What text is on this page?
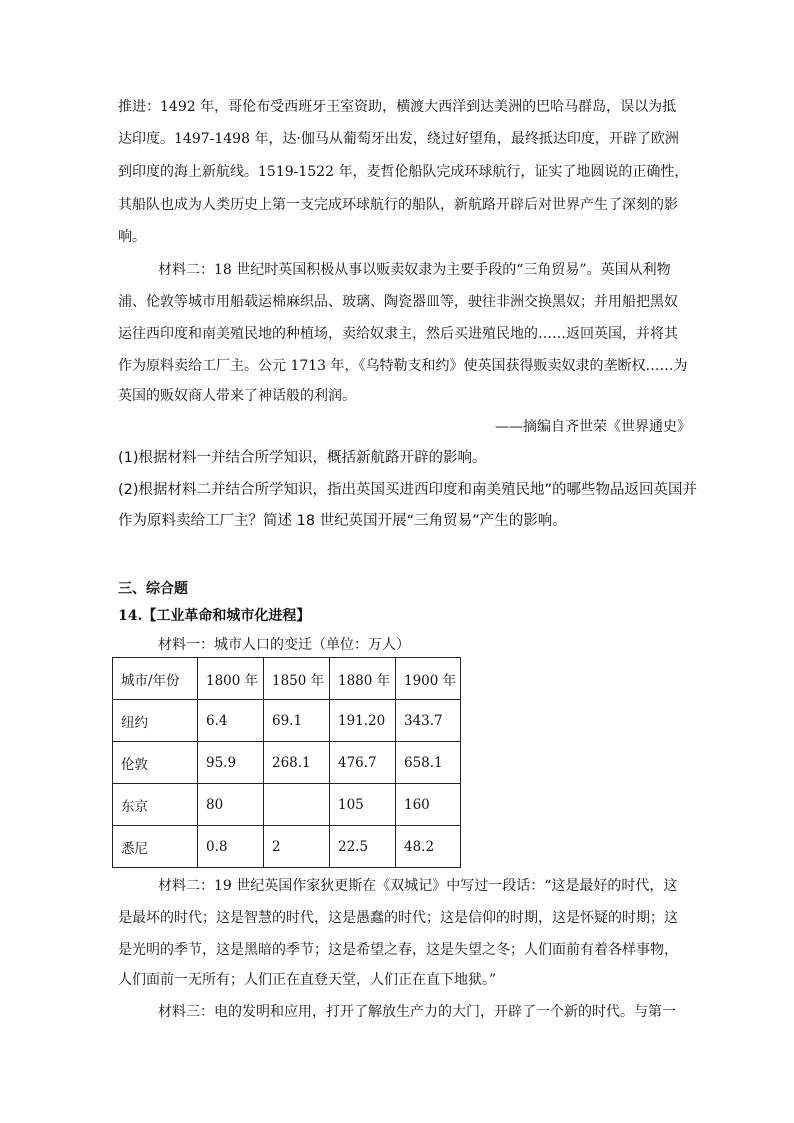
推进：1492 年，哥伦布受西班牙王室资助，横渡大西洋到达美洲的巴哈马群岛，误以为抵
达印度。1497-1498 年，达·伽马从葡萄牙出发，绕过好望角，最终抵达印度，开辟了欧洲
到印度的海上新航线。1519-1522 年，麦哲伦船队完成环球航行，证实了地圆说的正确性，
其船队也成为人类历史上第一支完成环球航行的船队，新航路开辟后对世界产生了深刻的影
响。
材料二：18 世纪时英国积极从事以贩卖奴隶为主要手段的“三角贸易”。英国从利物
浦、伦敦等城市用船载运棉麻织品、玻璃、陶瓷器皿等，驶往非洲交换黑奴；并用船把黑奴
运往西印度和南美殖民地的种植场，卖给奴隶主，然后买进殖民地的……返回英国，并将其
作为原料卖给工厂主。公元 1713 年，《乌特勒支和约》使英国获得贩卖奴隶的垄断权……为
英国的贩奴商人带来了神话般的利润。
——摘编自齐世荣《世界通史》
(1)根据材料一并结合所学知识，概括新航路开辟的影响。
(2)根据材料二并结合所学知识，指出英国买进西印度和南美殖民地”的哪些物品返回英国并
作为原料卖给工厂主？简述 18 世纪英国开展“三角贸易”产生的影响。
三、综合题
14.【工业革命和城市化进程】
材料一：城市人口的变迁（单位：万人）
城市/年份	1800 年	1850 年	1880 年	1900 年
纽约	6.4	69.1	191.20	343.7
伦敦	95.9	268.1	476.7	658.1
东京	80		105	160
悉尼	0.8	2	22.5	48.2
材料二：19 世纪英国作家狄更斯在《双城记》中写过一段话：“这是最好的时代，这
是最坏的时代；这是智慧的时代，这是愚蠢的时代；这是信仰的时期，这是怀疑的时期；这
是光明的季节，这是黑暗的季节；这是希望之春，这是失望之冬；人们面前有着各样事物，
人们面前一无所有；人们正在直登天堂，人们正在直下地狱。”
材料三：电的发明和应用，打开了解放生产力的大门，开辟了一个新的时代。与第一
